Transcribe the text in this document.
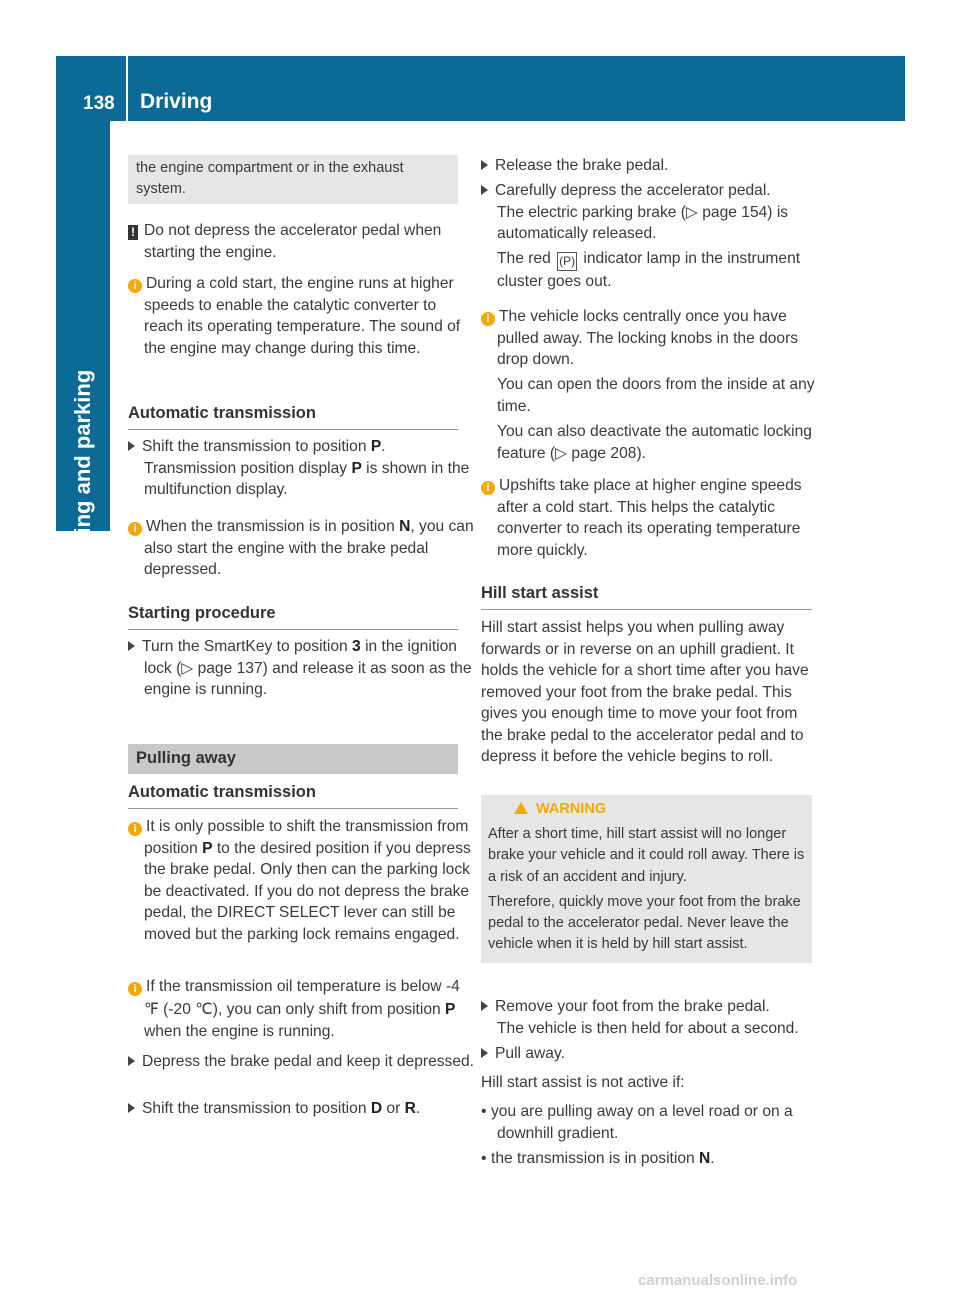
138 Driving
Driving and parking
the engine compartment or in the exhaust system.
! Do not depress the accelerator pedal when starting the engine.
i During a cold start, the engine runs at higher speeds to enable the catalytic converter to reach its operating temperature. The sound of the engine may change during this time.
Automatic transmission
Shift the transmission to position P.
Transmission position display P is shown in the multifunction display.
i When the transmission is in position N, you can also start the engine with the brake pedal depressed.
Starting procedure
Turn the SmartKey to position 3 in the ignition lock (▷ page 137) and release it as soon as the engine is running.
Pulling away
Automatic transmission
i It is only possible to shift the transmission from position P to the desired position if you depress the brake pedal. Only then can the parking lock be deactivated. If you do not depress the brake pedal, the DIRECT SELECT lever can still be moved but the parking lock remains engaged.
i If the transmission oil temperature is below -4 ℉ (-20 ℃), you can only shift from position P when the engine is running.
Depress the brake pedal and keep it depressed.
Shift the transmission to position D or R.
Release the brake pedal.
Carefully depress the accelerator pedal.
The electric parking brake (▷ page 154) is automatically released.
The red (P) indicator lamp in the instrument cluster goes out.
i The vehicle locks centrally once you have pulled away. The locking knobs in the doors drop down.
You can open the doors from the inside at any time.
You can also deactivate the automatic locking feature (▷ page 208).
i Upshifts take place at higher engine speeds after a cold start. This helps the catalytic converter to reach its operating temperature more quickly.
Hill start assist
Hill start assist helps you when pulling away forwards or in reverse on an uphill gradient. It holds the vehicle for a short time after you have removed your foot from the brake pedal. This gives you enough time to move your foot from the brake pedal to the accelerator pedal and to depress it before the vehicle begins to roll.
WARNING
After a short time, hill start assist will no longer brake your vehicle and it could roll away. There is a risk of an accident and injury.
Therefore, quickly move your foot from the brake pedal to the accelerator pedal. Never leave the vehicle when it is held by hill start assist.
Remove your foot from the brake pedal.
The vehicle is then held for about a second.
Pull away.
Hill start assist is not active if:
• you are pulling away on a level road or on a downhill gradient.
• the transmission is in position N.
carmanualsonline.info
